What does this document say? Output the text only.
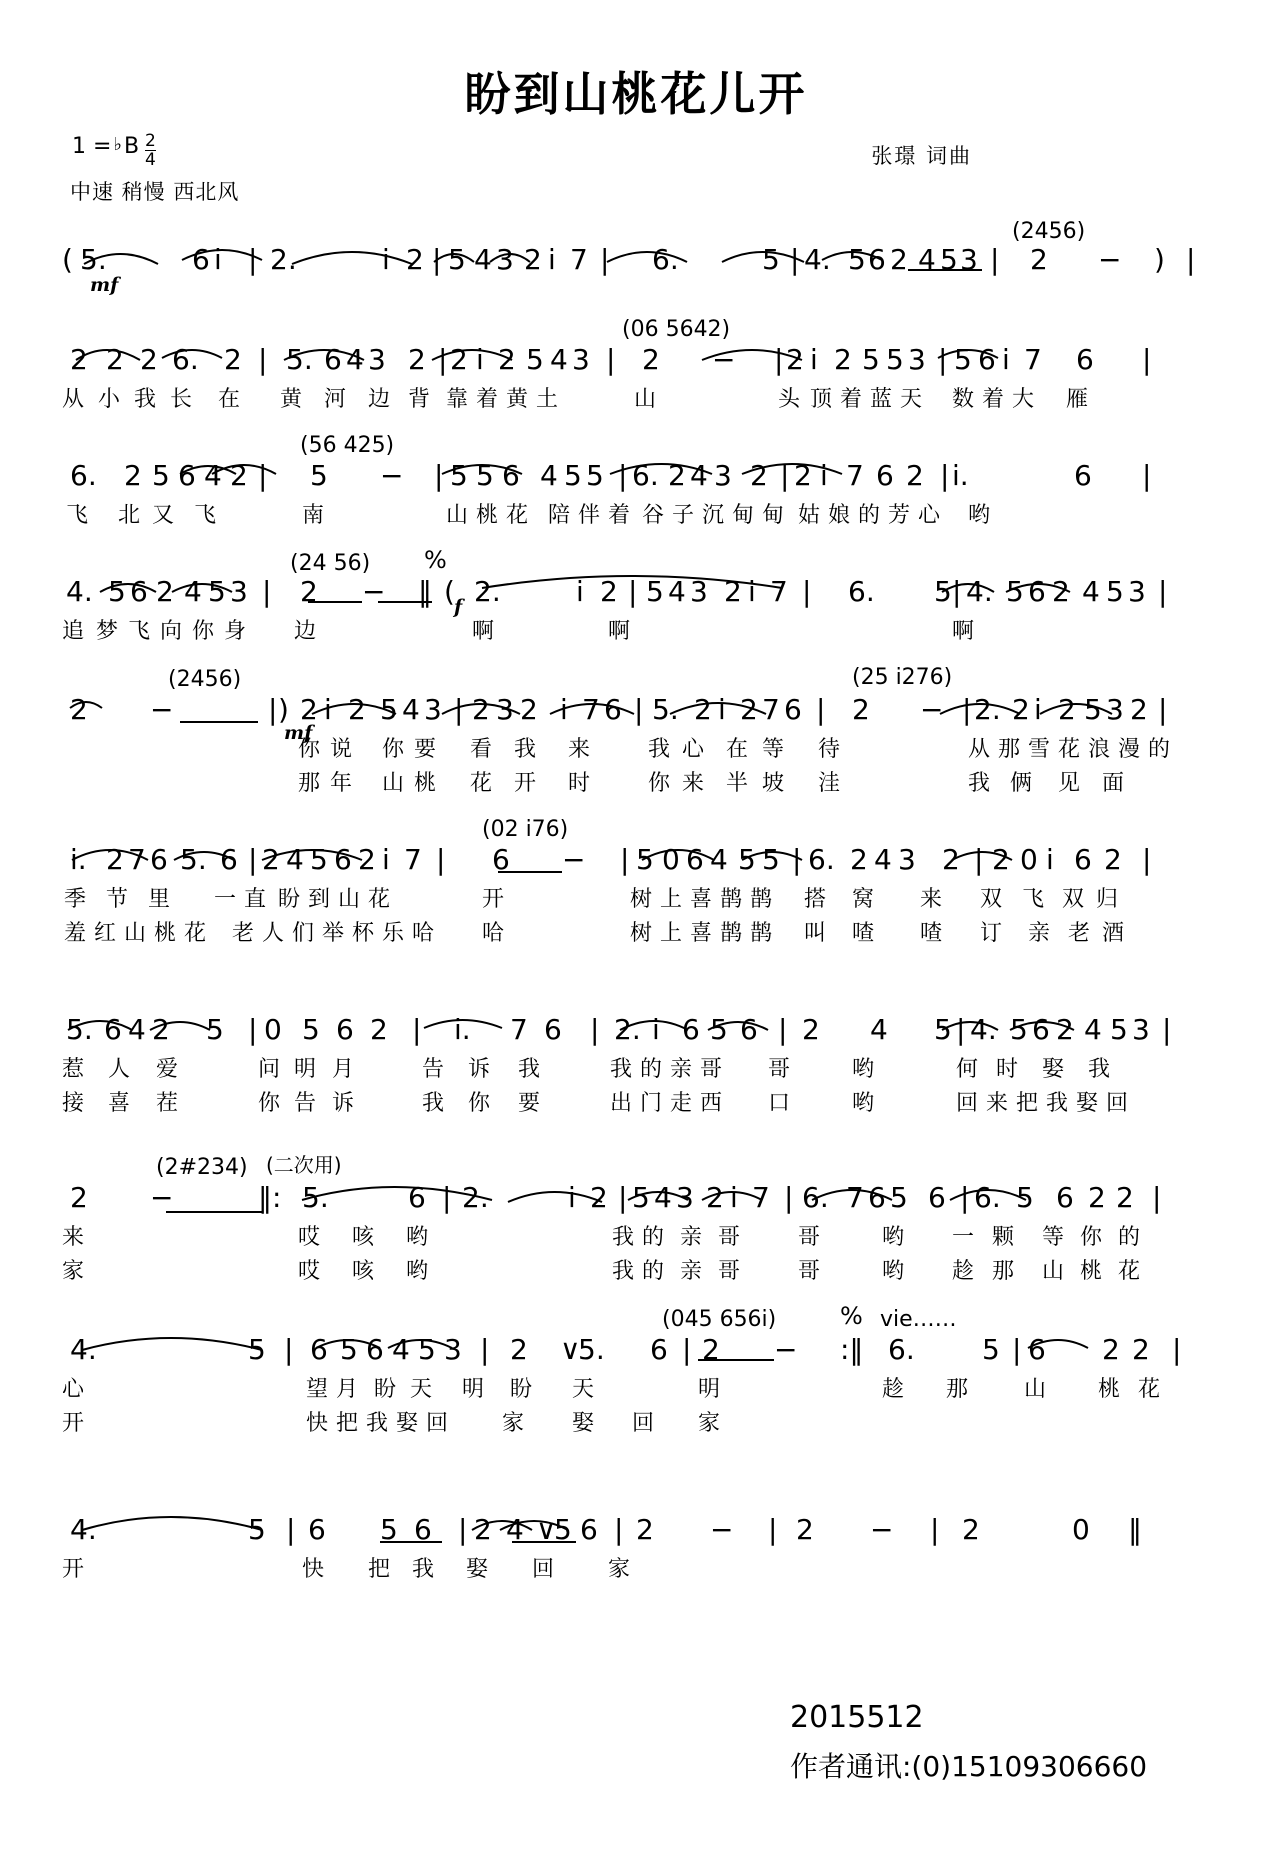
盼到山桃花儿开
张璟 词曲
1 = ♭ B $\frac{2}{4}$
中速 稍慢 西北风
( 5.	6 i | 2.	i 2 | 5 4 3 2 i 7 | 6.	5 | 4. 5 6 2 4 5 3 | 2 − ) |
mf
(2456)
2 2 2 6. 2 | 5. 6 4 3 2 | 2 i 2 5 4 3 | 2 − | 2 i 2 5 5 3 | 5 6 i 7 6 |
(06 5642)
从 小 我 长 在 黄 河 边 背 靠 着 黄 土	山	头 顶 着 蓝 天 数 着 大 雁
6. 2 5 6 4 2 | 5 − | 5 5 6 4 5 5 | 6. 2 4 3 2 | 2 i 7 6 2 | i.	6 |
(56 425)
飞 北 又 飞	南	山 桃 花 陪 伴 着 谷 子 沉 甸 甸 姑 娘 的 芳 心 哟
4. 5 6 2 4 5 3 | 2 − ‖ ( 2.	i 2 | 5 4 3 2 i 7 | 6. 5 | 4. 5 6 2 4 5 3 |
(24 56) %
f
追 梦 飞 向 你 身 边	啊	啊	啊
2 −	| ) 2 i 2 5 4 3 | 2 3 2 i 7 6 | 5. 2 i 2 7 6 | 2 − | 2. 2 i 2 5 3 2 |
(2456)	(25 i276)
mf
你 说 你 要 看 我 来	我 心 在 等 待	从 那 雪 花 浪 漫 的
那 年 山 桃 花 开 时	你 来 半 坡 洼	我 俩 见 面
i. 2 7 6 5. 6 | 2 4 5 6 2 i 7 | 6 − | 5 0 6 4 5 5 | 6. 2 4 3 2 | 2 0 i 6 2 |
(02 i76)
季 节 里 一 直 盼 到 山 花	开	树 上 喜 鹊 鹊 搭 窝 来 双 飞 双 归
羞 红 山 桃 花 老 人 们 举 杯 乐 哈 哈	树 上 喜 鹊 鹊 叫 喳 喳 订 亲 老 酒
5. 6 4 2 5 | 0 5 6 2 | i. 7 6 | 2. i 6 5 6 | 2 4 5 | 4. 5 6 2 4 5 3 |
惹 人 爱	问 明 月	告 诉 我	我 的 亲 哥 哥	哟	何 时 娶 我
接 喜 茬	你 告 诉	我 你 要	出 门 走 西 口	哟	回 来 把 我 娶 回
2 −	‖: 5.	6 | 2.	i 2 | 5 4 3 2 i 7 | 6. 7 6 5 6 | 6. 5 6 2 2 |
(2#234) (二次用)
来	哎 咳 哟	我 的 亲 哥	哥	哟 一 颗 等 你 的
家	哎 咳 哟	我 的 亲 哥	哥	哟 趁 那 山 桃 花
4.	5 | 6 5 6 4 5 3 | 2 ∨
5. 6 | 2 − :‖ 6. 5 | 6 2 2 |
(045 656i)	% vie……
心	望 月 盼 天 明 盼 天	明	趁 那	山 桃 花
开	快 把 我 娶 回 家 娶 回 家
4.	5 | 6 5 6 | 2 4 ∨
5 6 | 2 − | 2 − | 2	0 ‖
开	快 把 我 娶 回 家
2015512
作者通讯:(0)15109306660
